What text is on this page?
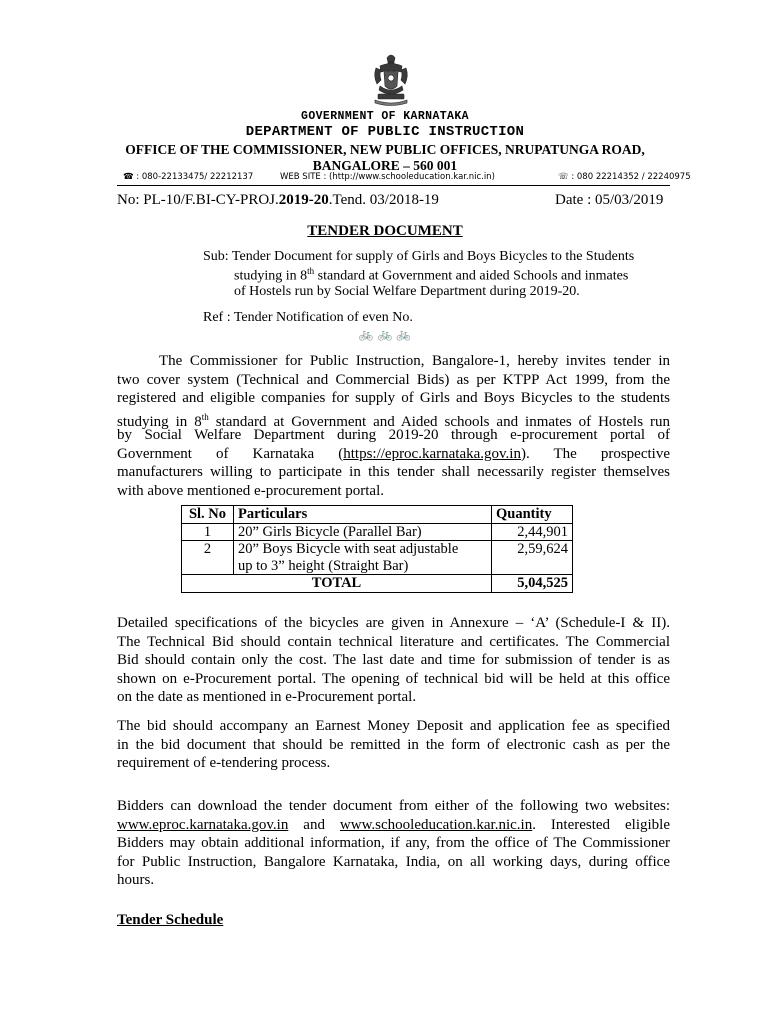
GOVERNMENT OF KARNATAKA
DEPARTMENT OF PUBLIC INSTRUCTION
OFFICE OF THE COMMISSIONER, NEW PUBLIC OFFICES, NRUPATUNGA ROAD,
BANGALORE – 560 001
☎ : 080-22133475/ 22212137	WEB SITE : (http://www.schooleducation.kar.nic.in)	☏ : 080 22214352 / 22240975
No: PL-10/F.BI-CY-PROJ.2019-20.Tend. 03/2018-19	Date : 05/03/2019
TENDER DOCUMENT
Sub: Tender Document for supply of Girls and Boys Bicycles to the Students
studying in 8th standard at Government and aided Schools and inmates
of Hostels run by Social Welfare Department during 2019-20.
Ref : Tender Notification of even No.
🚲 🚲 🚲
The Commissioner for Public Instruction, Bangalore-1, hereby invites tender in
two cover system (Technical and Commercial Bids) as per KTPP Act 1999, from the
registered and eligible companies for supply of Girls and Boys Bicycles to the students
studying in 8th standard at Government and Aided schools and inmates of Hostels run
by Social Welfare Department during 2019-20 through e-procurement portal of
Government of Karnataka (https://eproc.karnataka.gov.in). The prospective
manufacturers willing to participate in this tender shall necessarily register themselves
with above mentioned e-procurement portal.
Sl. No	Particulars	Quantity
1	20” Girls Bicycle (Parallel Bar)	2,44,901
2	20” Boys Bicycle with seat adjustable
up to 3” height (Straight Bar)	2,59,624
TOTAL		5,04,525
Detailed specifications of the bicycles are given in Annexure – ‘A’ (Schedule-I & II).
The Technical Bid should contain technical literature and certificates. The Commercial
Bid should contain only the cost. The last date and time for submission of tender is as
shown on e-Procurement portal. The opening of technical bid will be held at this office
on the date as mentioned in e-Procurement portal.
The bid should accompany an Earnest Money Deposit and application fee as specified
in the bid document that should be remitted in the form of electronic cash as per the
requirement of e-tendering process.
Bidders can download the tender document from either of the following two websites:
www.eproc.karnataka.gov.in and www.schooleducation.kar.nic.in. Interested eligible
Bidders may obtain additional information, if any, from the office of The Commissioner
for Public Instruction, Bangalore Karnataka, India, on all working days, during office
hours.
Tender Schedule
